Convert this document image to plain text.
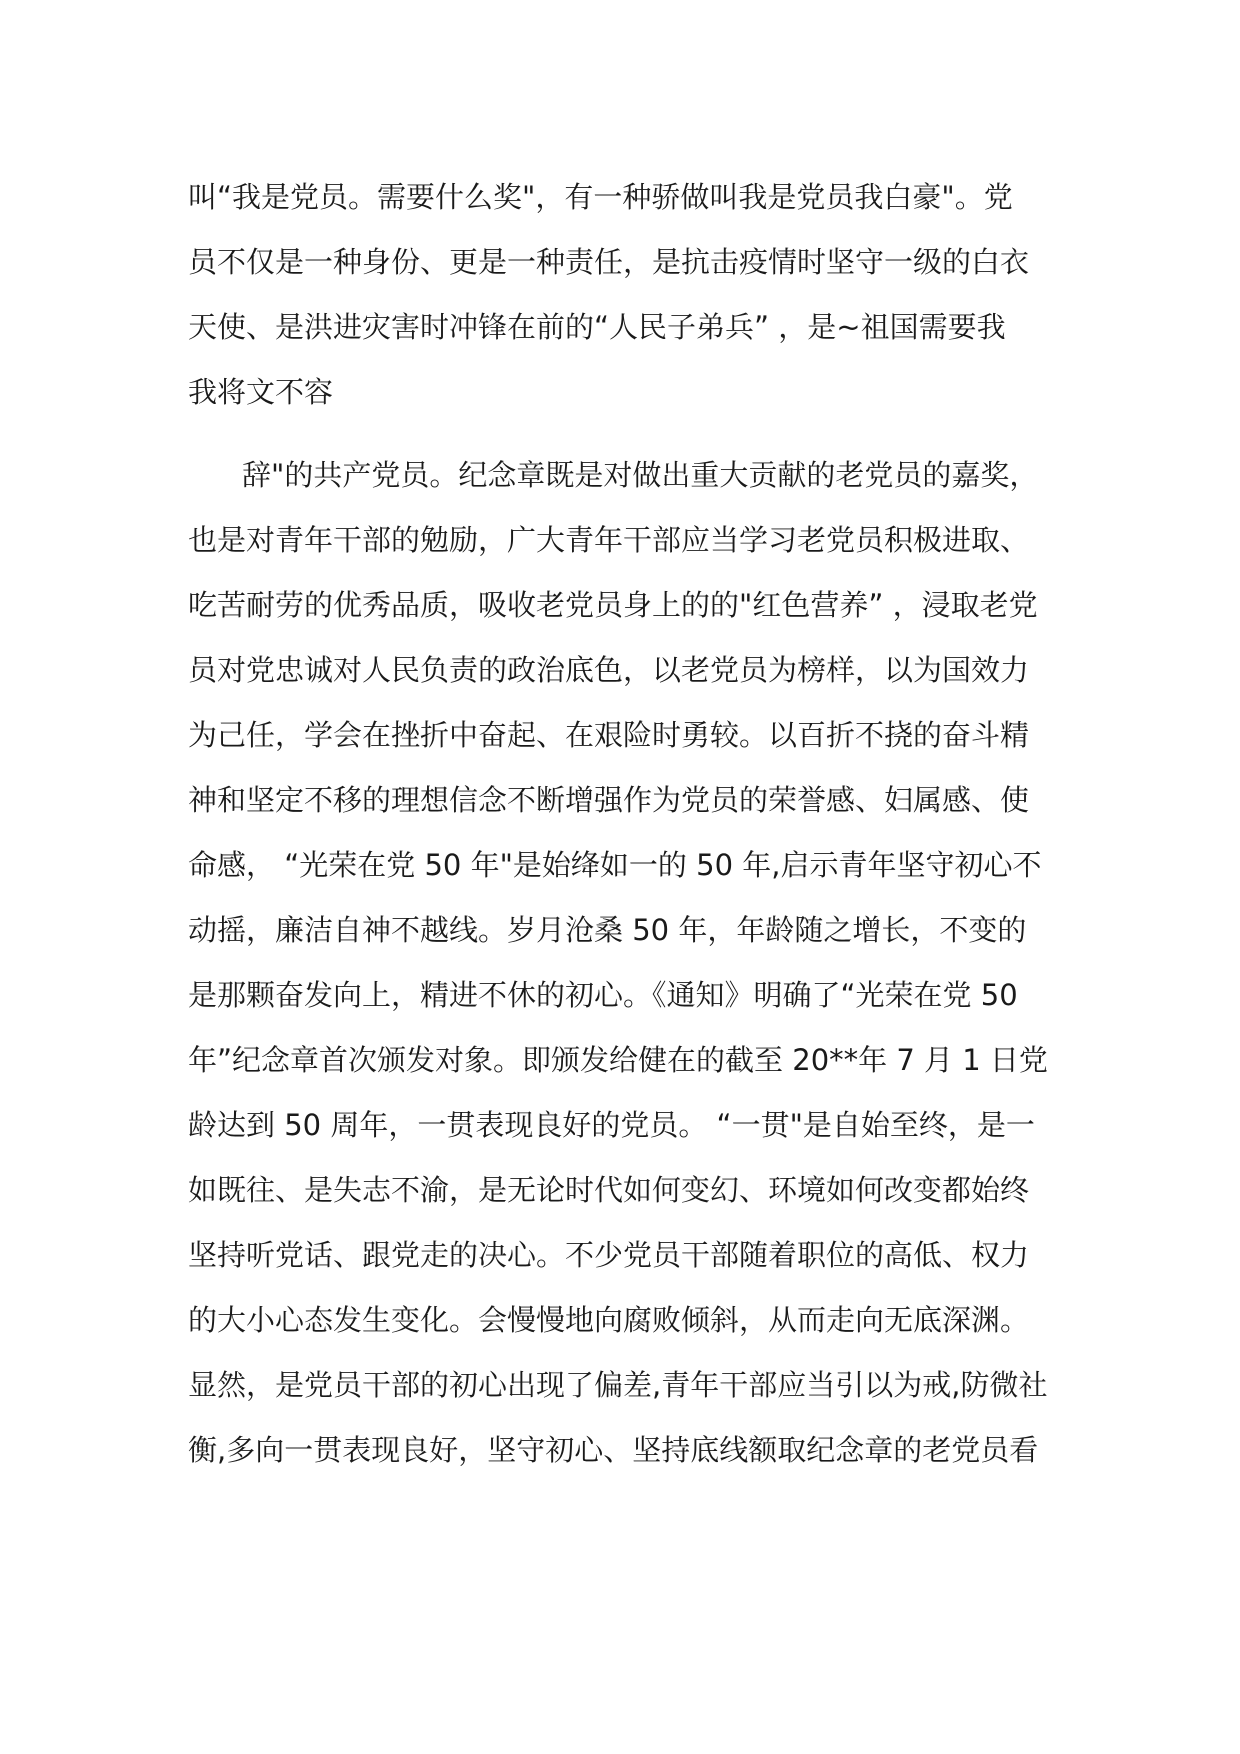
叫“我是党员。需要什么奖"，有一种骄做叫我是党员我白豪"。党
员不仅是一种身份、更是一种责任，是抗击疫情时坚守一级的白衣
天使、是洪进灾害时冲锋在前的“人民子弟兵” ，是~祖国需要我
我将文不容
辞"的共产党员。纪念章既是对做出重大贡献的老党员的嘉奖，
也是对青年干部的勉励，广大青年干部应当学习老党员积极进取、
吃苦耐劳的优秀品质，吸收老党员身上的的"红色营养” ，浸取老党
员对党忠诚对人民负责的政治底色，以老党员为榜样，以为国效力
为己任，学会在挫折中奋起、在艰险时勇较。以百折不挠的奋斗精
神和坚定不移的理想信念不断增强作为党员的荣誉感、妇属感、使
命感， “光荣在党 50 年"是始绛如一的 50 年,启示青年坚守初心不
动摇，廉洁自神不越线。岁月沧桑 50 年，年龄随之增长，不变的
是那颗奋发向上，精进不休的初心。《通知》明确了“光荣在党 50
年”纪念章首次颁发对象。即颁发给健在的截至 20**年 7 月 1 日党
龄达到 50 周年，一贯表现良好的党员。 “一贯"是自始至终，是一
如既往、是失志不渝，是无论时代如何变幻、环境如何改变都始终
坚持听党话、跟党走的决心。不少党员干部随着职位的高低、权力
的大小心态发生变化。会慢慢地向腐败倾斜，从而走向无底深渊。
显然，是党员干部的初心出现了偏差,青年干部应当引以为戒,防微社
衡,多向一贯表现良好，坚守初心、坚持底线额取纪念章的老党员看
